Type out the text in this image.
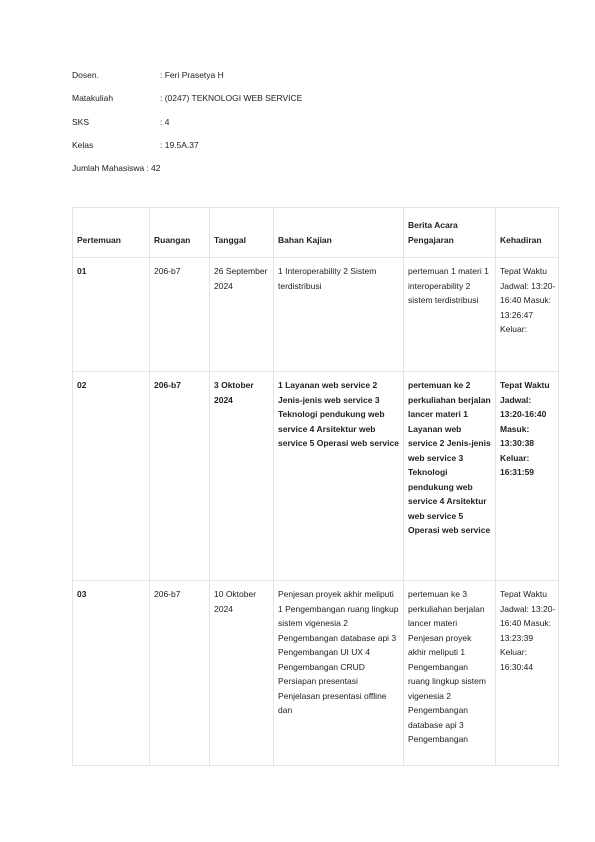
Dosen.	: Feri Prasetya H
Matakuliah	: (0247) TEKNOLOGI WEB SERVICE
SKS	: 4
Kelas	: 19.5A.37
Jumlah Mahasiswa : 42
Pertemuan	Ruangan	Tanggal	Bahan Kajian	Berita Acara Pengajaran	Kehadiran
01	206-b7	26 September 2024	1 Interoperability 2 Sistem terdistribusi	pertemuan 1 materi 1 interoperability 2 sistem terdistribusi	Tepat Waktu Jadwal: 13:20-16:40 Masuk: 13:26:47 Keluar:
02	206-b7	3 Oktober 2024	1 Layanan web service 2 Jenis-jenis web service 3 Teknologi pendukung web service 4 Arsitektur web service 5 Operasi web service	pertemuan ke 2 perkuliahan berjalan lancer materi 1 Layanan web service 2 Jenis-jenis web service 3 Teknologi pendukung web service 4 Arsitektur web service 5 Operasi web service	Tepat Waktu Jadwal: 13:20-16:40 Masuk: 13:30:38 Keluar: 16:31:59
03	206-b7	10 Oktober 2024	Penjesan proyek akhir meliputi 1 Pengembangan ruang lingkup sistem vigenesia 2 Pengembangan database api 3 Pengembangan UI UX 4 Pengembangan CRUD Persiapan presentasi Penjelasan presentasi offline dan	pertemuan ke 3 perkuliahan berjalan lancer materi Penjesan proyek akhir meliputi 1 Pengembangan ruang lingkup sistem vigenesia 2 Pengembangan database api 3 Pengembangan	Tepat Waktu Jadwal: 13:20-16:40 Masuk: 13:23:39 Keluar: 16:30:44
